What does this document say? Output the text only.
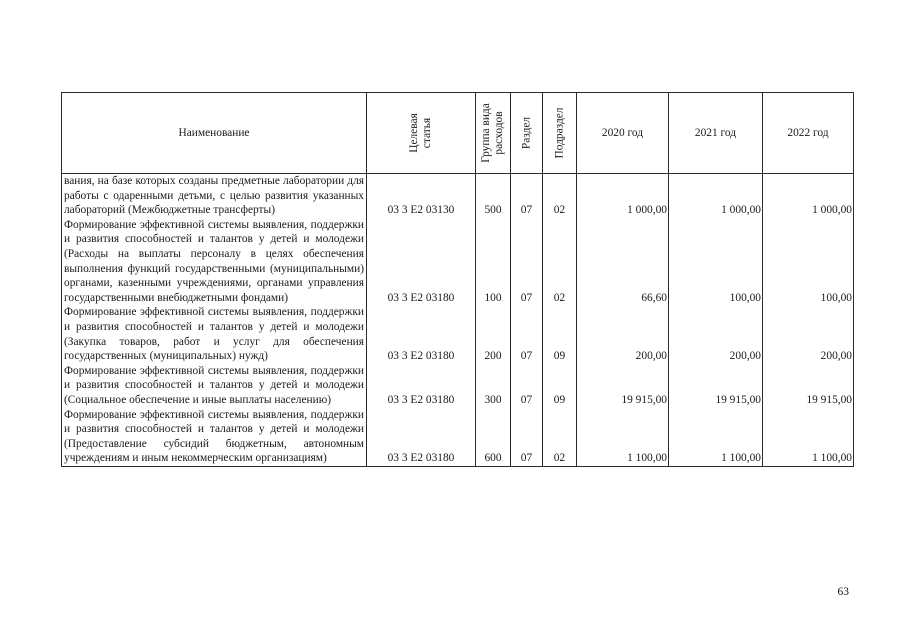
Наименование	Целевая статья	Группа вида расходов	Раздел	Подраздел	2020 год	2021 год	2022 год
вания, на базе которых созданы предметные лаборатории для работы с одаренными детьми, с целью развития указанных лабораторий (Межбюджетные трансферты)	03 3 E2 03130	500	07	02	1 000,00	1 000,00	1 000,00
Формирование эффективной системы выявления, поддержки и развития способностей и талантов у детей и молодежи (Расходы на выплаты персоналу в целях обеспечения выполнения функций государственными (муниципальными) органами, казенными учреждениями, органами управления государственными внебюджетными фондами)	03 3 E2 03180	100	07	02	66,60	100,00	100,00
Формирование эффективной системы выявления, поддержки и развития способностей и талантов у детей и молодежи (Закупка товаров, работ и услуг для обеспечения государственных (муниципальных) нужд)	03 3 E2 03180	200	07	09	200,00	200,00	200,00
Формирование эффективной системы выявления, поддержки и развития способностей и талантов у детей и молодежи (Социальное обеспечение и иные выплаты населению)	03 3 E2 03180	300	07	09	19 915,00	19 915,00	19 915,00
Формирование эффективной системы выявления, поддержки и развития способностей и талантов у детей и молодежи (Предоставление субсидий бюджетным, автономным учреждениям и иным некоммерческим организациям)	03 3 E2 03180	600	07	02	1 100,00	1 100,00	1 100,00
63
